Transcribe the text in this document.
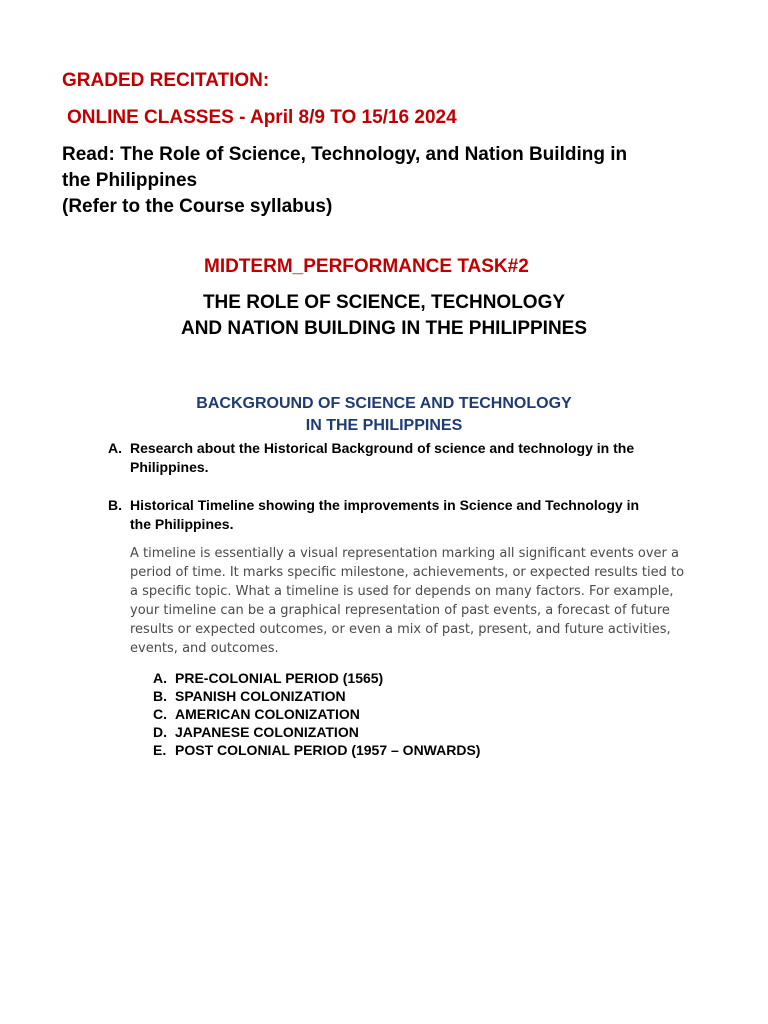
GRADED RECITATION:
ONLINE CLASSES - April 8/9 TO 15/16 2024
Read: The Role of Science, Technology, and Nation Building in
the Philippines
(Refer to the Course syllabus)
MIDTERM_PERFORMANCE TASK#2
THE ROLE OF SCIENCE, TECHNOLOGY
AND NATION BUILDING IN THE PHILIPPINES
BACKGROUND OF SCIENCE AND TECHNOLOGY
IN THE PHILIPPINES
A. Research about the Historical Background of science and technology in the
Philippines.
B. Historical Timeline showing the improvements in Science and Technology in
the Philippines.
A timeline is essentially a visual representation marking all significant events over a
period of time. It marks specific milestone, achievements, or expected results tied to
a specific topic. What a timeline is used for depends on many factors. For example,
your timeline can be a graphical representation of past events, a forecast of future
results or expected outcomes, or even a mix of past, present, and future activities,
events, and outcomes.
A. PRE-COLONIAL PERIOD (1565)
B. SPANISH COLONIZATION
C. AMERICAN COLONIZATION
D. JAPANESE COLONIZATION
E. POST COLONIAL PERIOD (1957 – ONWARDS)
